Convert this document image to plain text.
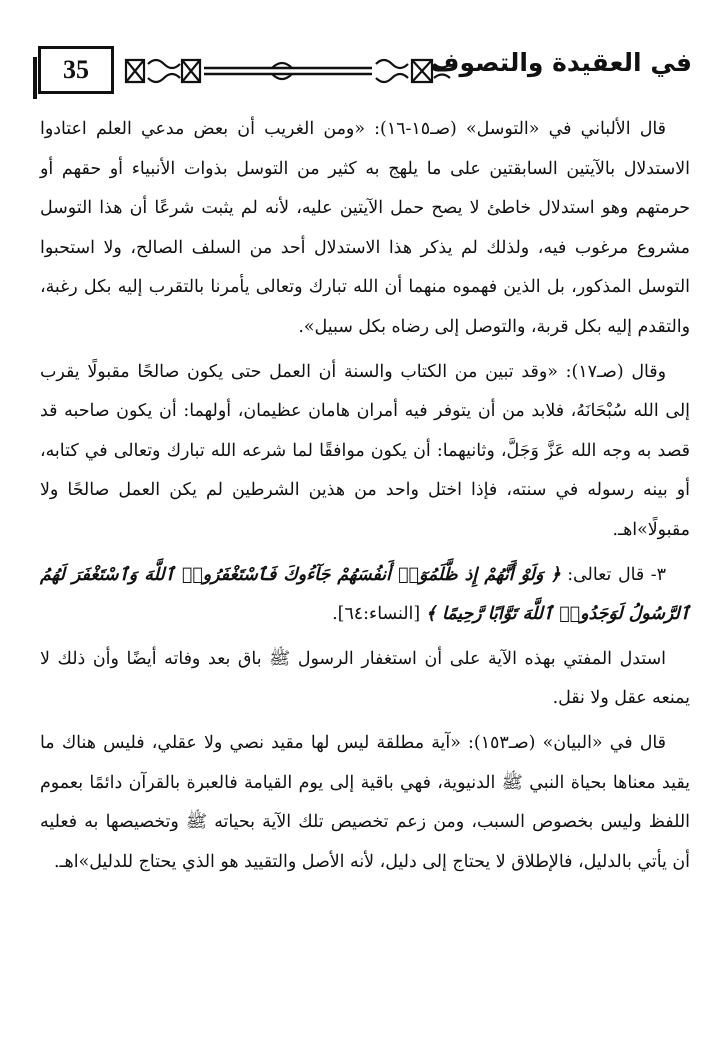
35	في العقيدة والتصوف

قال الألباني في «التوسل» (صـ١٥-١٦): «ومن الغريب أن بعض مدعي العلم اعتادوا الاستدلال بالآيتين السابقتين على ما يلهج به كثير من التوسل بذوات الأنبياء أو حقهم أو حرمتهم وهو استدلال خاطئ لا يصح حمل الآيتين عليه، لأنه لم يثبت شرعًا أن هذا التوسل مشروع مرغوب فيه، ولذلك لم يذكر هذا الاستدلال أحد من السلف الصالح، ولا استحبوا التوسل المذكور، بل الذين فهموه منهما أن الله تبارك وتعالى يأمرنا بالتقرب إليه بكل رغبة، والتقدم إليه بكل قربة، والتوصل إلى رضاه بكل سبيل».

وقال (صـ١٧): «وقد تبين من الكتاب والسنة أن العمل حتى يكون صالحًا مقبولًا يقرب إلى الله سُبْحَانَهُ، فلابد من أن يتوفر فيه أمران هامان عظيمان، أولهما: أن يكون صاحبه قد قصد به وجه الله عَزَّ وَجَلَّ، وثانيهما: أن يكون موافقًا لما شرعه الله تبارك وتعالى في كتابه، أو بينه رسوله في سنته، فإذا اختل واحد من هذين الشرطين لم يكن العمل صالحًا ولا مقبولًا»اهـ.

٣- قال تعالى: ﴿ وَلَوْ أَنَّهُمْ إِذ ظَّلَمُوٓا۟ أَنفُسَهُمْ جَآءُوكَ فَٱسْتَغْفَرُوا۟ ٱللَّهَ وَٱسْتَغْفَرَ لَهُمُ ٱلرَّسُولُ لَوَجَدُوا۟ ٱللَّهَ تَوَّابًا رَّحِيمًا ﴾ [النساء:٦٤].

استدل المفتي بهذه الآية على أن استغفار الرسول ﷺ باق بعد وفاته أيضًا وأن ذلك لا يمنعه عقل ولا نقل.

قال في «البيان» (صـ١٥٣): «آية مطلقة ليس لها مقيد نصي ولا عقلي، فليس هناك ما يقيد معناها بحياة النبي ﷺ الدنيوية، فهي باقية إلى يوم القيامة فالعبرة بالقرآن دائمًا بعموم اللفظ وليس بخصوص السبب، ومن زعم تخصيص تلك الآية بحياته ﷺ وتخصيصها به فعليه أن يأتي بالدليل، فالإطلاق لا يحتاج إلى دليل، لأنه الأصل والتقييد هو الذي يحتاج للدليل»اهـ.
